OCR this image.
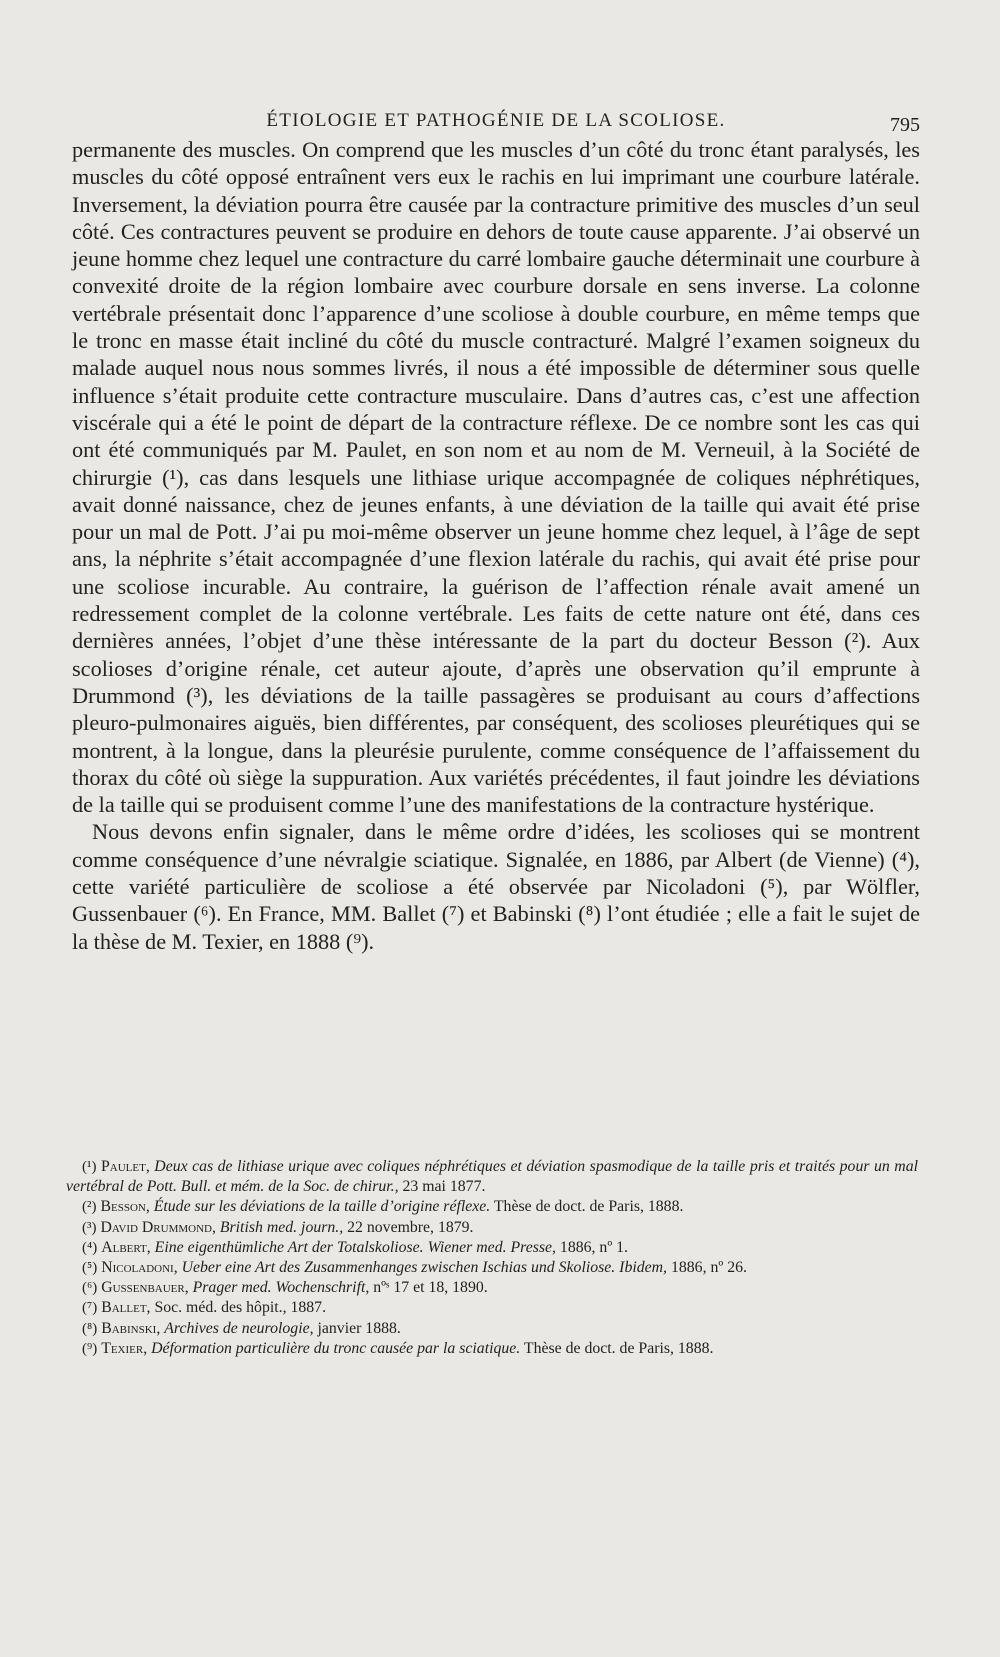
ÉTIOLOGIE ET PATHOGÉNIE DE LA SCOLIOSE.	795

permanente des muscles. On comprend que les muscles d’un côté du tronc étant paralysés, les muscles du côté opposé entraînent vers eux le rachis en lui imprimant une courbure latérale. Inversement, la déviation pourra être causée par la contracture primitive des muscles d’un seul côté. Ces contractures peuvent se produire en dehors de toute cause apparente. J’ai observé un jeune homme chez lequel une contracture du carré lombaire gauche déterminait une courbure à convexité droite de la région lombaire avec courbure dorsale en sens inverse. La colonne vertébrale présentait donc l’apparence d’une scoliose à double courbure, en même temps que le tronc en masse était incliné du côté du muscle contracturé. Malgré l’examen soigneux du malade auquel nous nous sommes livrés, il nous a été impossible de déterminer sous quelle influence s’était produite cette contracture musculaire. Dans d’autres cas, c’est une affection viscérale qui a été le point de départ de la contracture réflexe. De ce nombre sont les cas qui ont été communiqués par M. Paulet, en son nom et au nom de M. Verneuil, à la Société de chirurgie (¹), cas dans lesquels une lithiase urique accompagnée de coliques néphrétiques, avait donné naissance, chez de jeunes enfants, à une déviation de la taille qui avait été prise pour un mal de Pott. J’ai pu moi-même observer un jeune homme chez lequel, à l’âge de sept ans, la néphrite s’était accompagnée d’une flexion latérale du rachis, qui avait été prise pour une scoliose incurable. Au contraire, la guérison de l’affection rénale avait amené un redressement complet de la colonne vertébrale. Les faits de cette nature ont été, dans ces dernières années, l’objet d’une thèse intéressante de la part du docteur Besson (²). Aux scolioses d’origine rénale, cet auteur ajoute, d’après une observation qu’il emprunte à Drummond (³), les déviations de la taille passagères se produisant au cours d’affections pleuro-pulmonaires aiguës, bien différentes, par conséquent, des scolioses pleurétiques qui se montrent, à la longue, dans la pleurésie purulente, comme conséquence de l’affaissement du thorax du côté où siège la suppuration. Aux variétés précédentes, il faut joindre les déviations de la taille qui se produisent comme l’une des manifestations de la contracture hystérique.

Nous devons enfin signaler, dans le même ordre d’idées, les scolioses qui se montrent comme conséquence d’une névralgie sciatique. Signalée, en 1886, par Albert (de Vienne) (⁴), cette variété particulière de scoliose a été observée par Nicoladoni (⁵), par Wölfler, Gussenbauer (⁶). En France, MM. Ballet (⁷) et Babinski (⁸) l’ont étudiée ; elle a fait le sujet de la thèse de M. Texier, en 1888 (⁹).

(¹) Paulet, Deux cas de lithiase urique avec coliques néphrétiques et déviation spasmodique de la taille pris et traités pour un mal vertébral de Pott. Bull. et mém. de la Soc. de chirur., 23 mai 1877.

(²) Besson, Étude sur les déviations de la taille d’origine réflexe. Thèse de doct. de Paris, 1888.

(³) David Drummond, British med. journ., 22 novembre, 1879.

(⁴) Albert, Eine eigenthümliche Art der Totalskoliose. Wiener med. Presse, 1886, nº 1.

(⁵) Nicoladoni, Ueber eine Art des Zusammenhanges zwischen Ischias und Skoliose. Ibidem, 1886, nº 26.

(⁶) Gussenbauer, Prager med. Wochenschrift, nºˢ 17 et 18, 1890.

(⁷) Ballet, Soc. méd. des hôpit., 1887.

(⁸) Babinski, Archives de neurologie, janvier 1888.

(⁹) Texier, Déformation particulière du tronc causée par la sciatique. Thèse de doct. de Paris, 1888.
